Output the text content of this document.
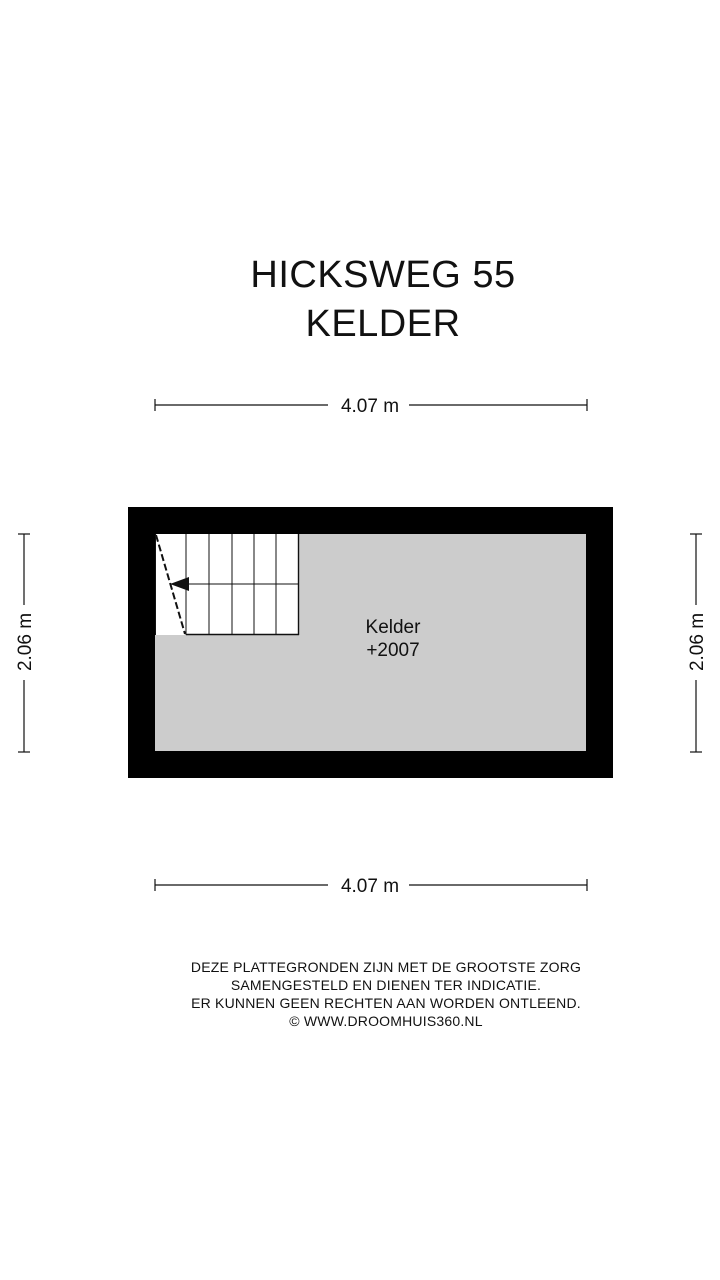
HICKSWEG 55
KELDER
4.07 m
4.07 m
2.06 m	2.06 m
Kelder
+2007
DEZE PLATTEGRONDEN ZIJN MET DE GROOTSTE ZORG
SAMENGESTELD EN DIENEN TER INDICATIE.
ER KUNNEN GEEN RECHTEN AAN WORDEN ONTLEEND.
© WWW.DROOMHUIS360.NL
